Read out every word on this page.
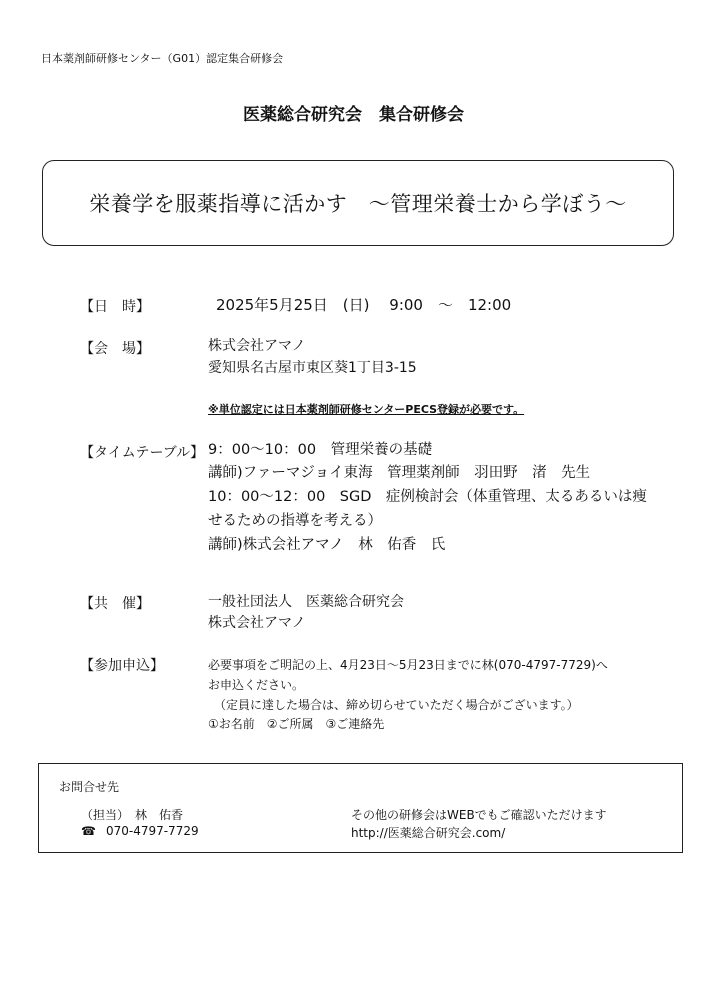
日本薬剤師研修センター（G01）認定集合研修会
医薬総合研究会　集合研修会
栄養学を服薬指導に活かす　～管理栄養士から学ぼう～
【日　時】	2025年5月25日　(日)　 9:00　～　12:00
【会　場】	株式会社アマノ
愛知県名古屋市東区葵1丁目3-15
※単位認定には日本薬剤師研修センターPECS登録が必要です。
【タイムテーブル】 9：00～10：00　管理栄養の基礎
講師)ファーマジョイ東海　管理薬剤師　羽田野　渚　先生
10：00～12：00　SGD　症例検討会（体重管理、太るあるいは痩
せるための指導を考える）
講師)株式会社アマノ　林　佑香　氏
【共　催】	一般社団法人　医薬総合研究会
株式会社アマノ
【参加申込】	必要事項をご明記の上、4月23日～5月23日までに林(070-4797-7729)へ
お申込ください。
（定員に達した場合は、締め切らせていただく場合がございます。）
①お名前　②ご所属　③ご連絡先
お問合せ先
（担当）　林　佑香
☎ 070-4797-7729
その他の研修会はWEBでもご確認いただけます
http://医薬総合研究会.com/
